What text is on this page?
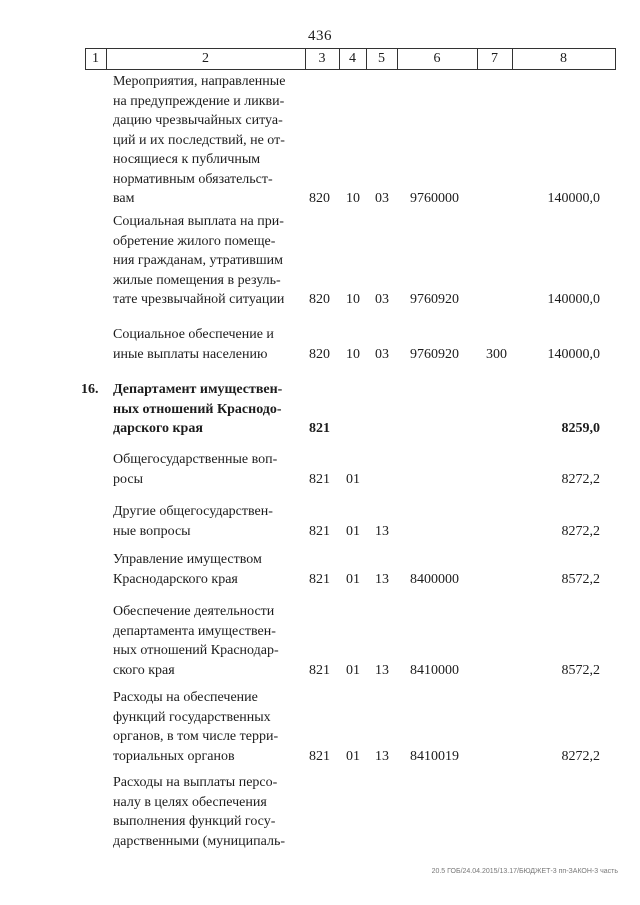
436
1	2	3	4	5	6	7	8
Мероприятия, направленные
на предупреждение и ликви-
дацию чрезвычайных ситуа-
ций и их последствий, не от-
носящиеся к публичным
нормативным обязательст-
вам	820 10 03 9760000	140000,0
Социальная выплата на при-
обретение жилого помеще-
ния гражданам, утратившим
жилые помещения в резуль-
тате чрезвычайной ситуации	820 10 03 9760920	140000,0
Социальное обеспечение и
иные выплаты населению	820 10 03 9760920 300	140000,0
16. Департамент имуществен-
ных отношений Краснодо-
дарского края	821	8259,0
Общегосударственные воп-
росы	821 01	8272,2
Другие общегосударствен-
ные вопросы	821 01 13	8272,2
Управление имуществом
Краснодарского края	821 01 13 8400000	8572,2
Обеспечение деятельности
департамента имуществен-
ных отношений Краснодар-
ского края	821 01 13 8410000	8572,2
Расходы на обеспечение
функций государственных
органов, в том числе терри-
ториальных органов	821 01 13 8410019	8272,2
Расходы на выплаты персо-
налу в целях обеспечения
выполнения функций госу-
дарственными (муниципаль-
20.5 ГОБ/24.04.2015/13.17/БЮДЖЕТ-3 пп-ЗАКОН-3 часть
